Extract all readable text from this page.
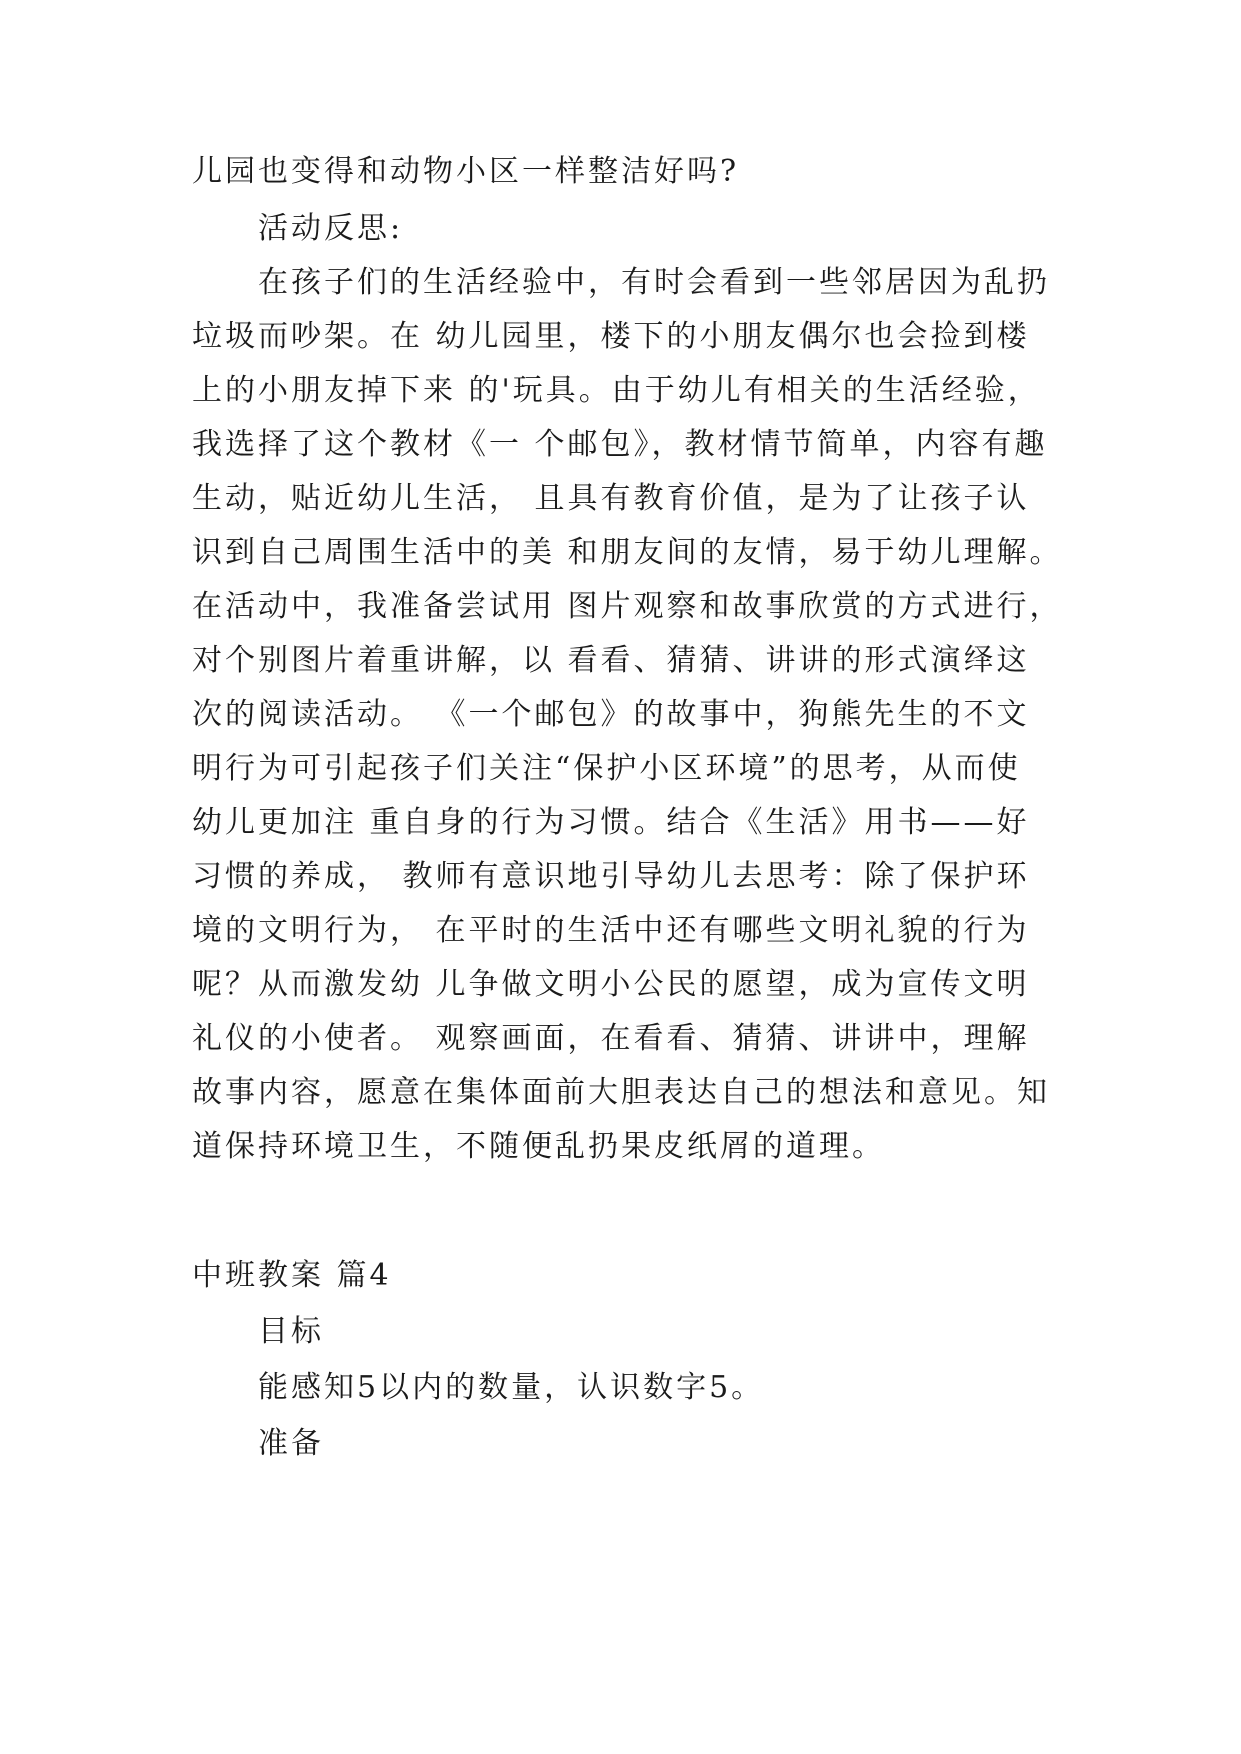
儿园也变得和动物小区一样整洁好吗?
活动反思:
在孩子们的生活经验中，有时会看到一些邻居因为乱扔
垃圾而吵架。在 幼儿园里，楼下的小朋友偶尔也会捡到楼
上的小朋友掉下来 的'玩具。由于幼儿有相关的生活经验，
我选择了这个教材《一 个邮包》，教材情节简单，内容有趣
生动，贴近幼儿生活， 且具有教育价值，是为了让孩子认
识到自己周围生活中的美 和朋友间的友情，易于幼儿理解。
在活动中，我准备尝试用 图片观察和故事欣赏的方式进行，
对个别图片着重讲解，以 看看、猜猜、讲讲的形式演绎这
次的阅读活动。 《一个邮包》的故事中，狗熊先生的不文
明行为可引起孩子们关注“保护小区环境”的思考，从而使
幼儿更加注 重自身的行为习惯。结合《生活》用书——好
习惯的养成， 教师有意识地引导幼儿去思考：除了保护环
境的文明行为， 在平时的生活中还有哪些文明礼貌的行为
呢？从而激发幼 儿争做文明小公民的愿望，成为宣传文明
礼仪的小使者。 观察画面，在看看、猜猜、讲讲中，理解
故事内容，愿意在集体面前大胆表达自己的想法和意见。知
道保持环境卫生，不随便乱扔果皮纸屑的道理。
中班教案 篇4
目标
能感知5以内的数量，认识数字5。
准备
